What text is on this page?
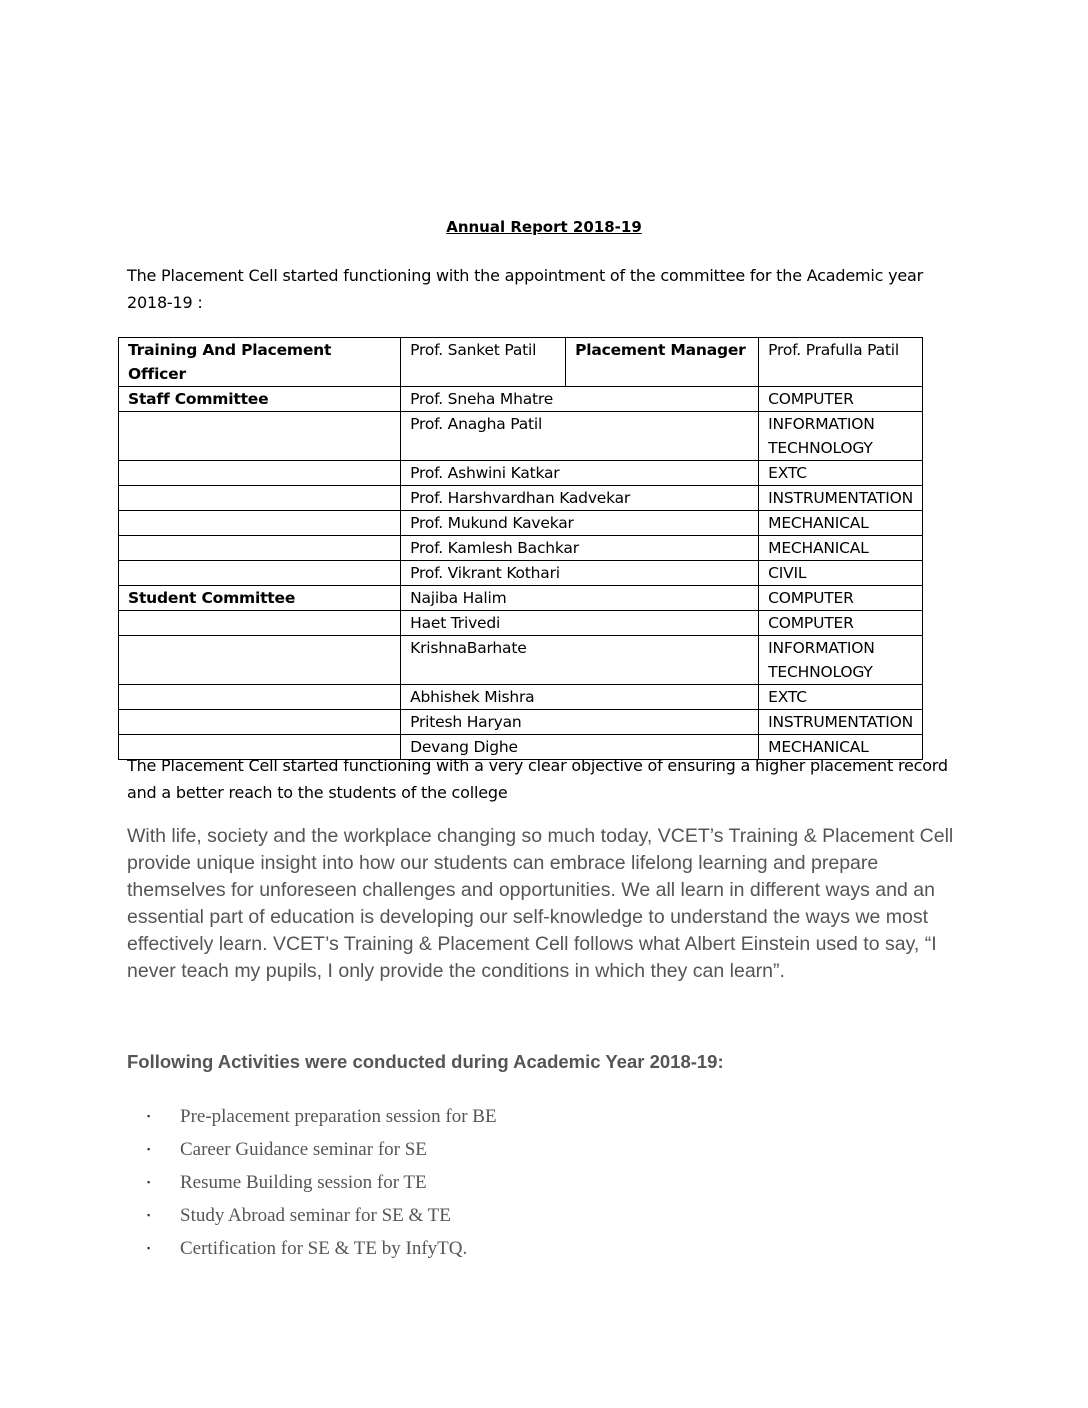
Annual Report 2018-19
The Placement Cell started functioning with the appointment of the committee for the Academic year 2018-19 :
Training And Placement Officer	Prof. Sanket Patil	Placement Manager	Prof. Prafulla Patil
Staff Committee	Prof. Sneha Mhatre		COMPUTER
	Prof. Anagha Patil		INFORMATION TECHNOLOGY
	Prof. Ashwini Katkar		EXTC
	Prof. Harshvardhan Kadvekar		INSTRUMENTATION
	Prof. Mukund Kavekar		MECHANICAL
	Prof. Kamlesh Bachkar		MECHANICAL
	Prof. Vikrant Kothari		CIVIL
Student Committee	Najiba Halim		COMPUTER
	Haet Trivedi		COMPUTER
	KrishnaBarhate		INFORMATION TECHNOLOGY
	Abhishek Mishra		EXTC
	Pritesh Haryan		INSTRUMENTATION
	Devang Dighe		MECHANICAL
The Placement Cell started functioning with a very clear objective of ensuring a higher placement record and a better reach to the students of the college
With life, society and the workplace changing so much today, VCET’s Training & Placement Cell provide unique insight into how our students can embrace lifelong learning and prepare themselves for unforeseen challenges and opportunities. We all learn in different ways and an essential part of education is developing our self-knowledge to understand the ways we most effectively learn. VCET’s Training & Placement Cell follows what Albert Einstein used to say, “I never teach my pupils, I only provide the conditions in which they can learn”.
Following Activities were conducted during Academic Year 2018-19:
▪	Pre-placement preparation session for BE
▪	Career Guidance seminar for SE
▪	Resume Building session for TE
▪	Study Abroad seminar for SE & TE
▪	Certification for SE & TE by InfyTQ.
